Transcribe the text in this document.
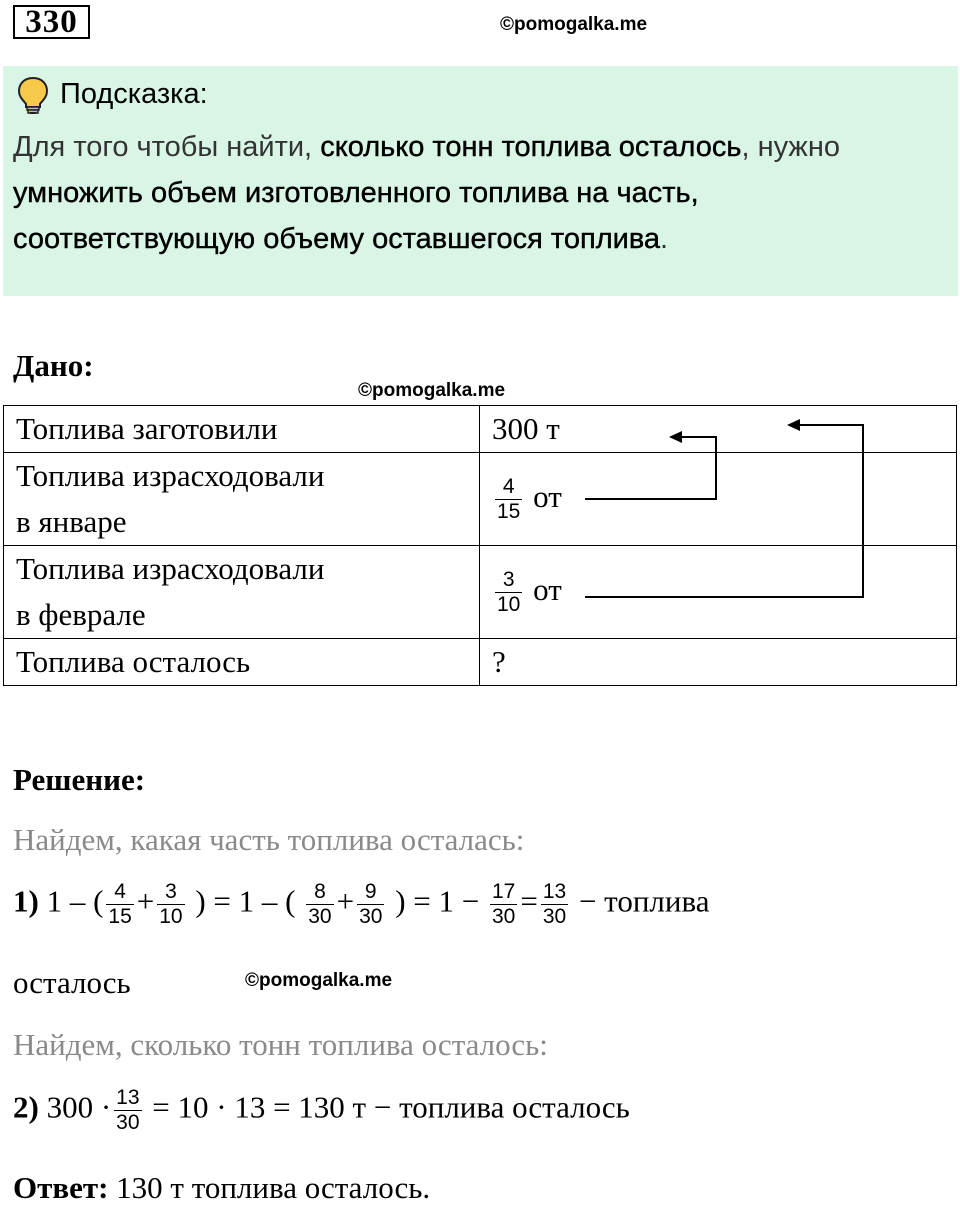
330	©pomogalka.me
Подсказка:
Для того чтобы найти, сколько тонн топлива осталось, нужно умножить объем изготовленного топлива на часть, соответствующую объему оставшегося топлива.
Дано:
©pomogalka.me
Топлива заготовили	300 т
Топлива израсходовали
в январе	$\frac{4}{15}$ от
Топлива израсходовали
в феврале	$\frac{3}{10}$ от
Топлива осталось	?
Решение:
Найдем, какая часть топлива осталась:
1) 1 – ( $\frac{4}{15} + \frac{3}{10}$ ) = 1 – ( $\frac{8}{30} + \frac{9}{30}$ ) = $1 - \frac{17}{30} = \frac{13}{30}$ − топлива
осталось	©pomogalka.me
Найдем, сколько тонн топлива осталось:
2) $300 \cdot \frac{13}{30} = 10 \cdot 13 = 130$ т − топлива осталось
Ответ: 130 т топлива осталось.
